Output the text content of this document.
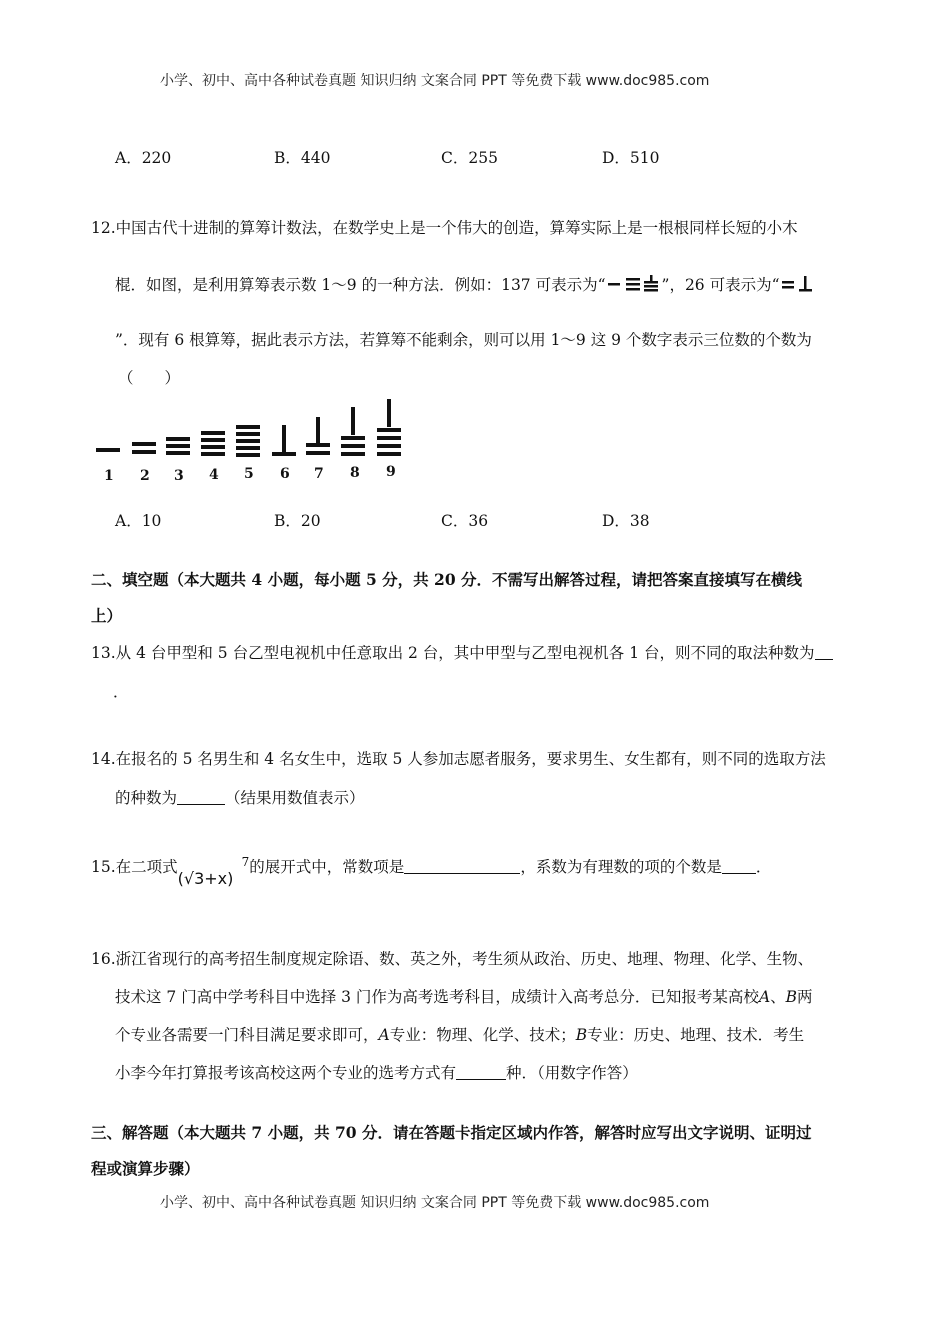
小学、初中、高中各种试卷真题 知识归纳 文案合同 PPT 等免费下载 www.doc985.com
A．220	B．440	C．255	D．510
12.中国古代十进制的算筹计数法，在数学史上是一个伟大的创造，算筹实际上是一根根同样长短的小木
棍．如图，是利用算筹表示数 1～9 的一种方法．例如：137 可表示为“	”，26 可表示为“
”．现有 6 根算筹，据此表示方法，若算筹不能剩余，则可以用 1～9 这 9 个数字表示三位数的个数为
（　　）
1 2 3 4 5 6 7 8 9
A．10	B．20	C．36	D．38
二、填空题（本大题共 4 小题，每小题 5 分，共 20 分．不需写出解答过程，请把答案直接填写在横线
上）
13.从 4 台甲型和 5 台乙型电视机中任意取出 2 台，其中甲型与乙型电视机各 1 台，则不同的取法种数为
．
14.在报名的 5 名男生和 4 名女生中，选取 5 人参加志愿者服务，要求男生、女生都有，则不同的选取方法
的种数为	（结果用数值表示）
15.在二项式$(√3+x)^7$的展开式中，常数项是	，系数为有理数的项的个数是 ．
16.浙江省现行的高考招生制度规定除语、数、英之外，考生须从政治、历史、地理、物理、化学、生物、
技术这 7 门高中学考科目中选择 3 门作为高考选考科目，成绩计入高考总分．已知报考某高校A、B两
个专业各需要一门科目满足要求即可，A专业：物理、化学、技术；B专业：历史、地理、技术．考生
小李今年打算报考该高校这两个专业的选考方式有	种．（用数字作答）
三、解答题（本大题共 7 小题，共 70 分．请在答题卡指定区域内作答，解答时应写出文字说明、证明过
程或演算步骤）
小学、初中、高中各种试卷真题 知识归纳 文案合同 PPT 等免费下载 www.doc985.com
